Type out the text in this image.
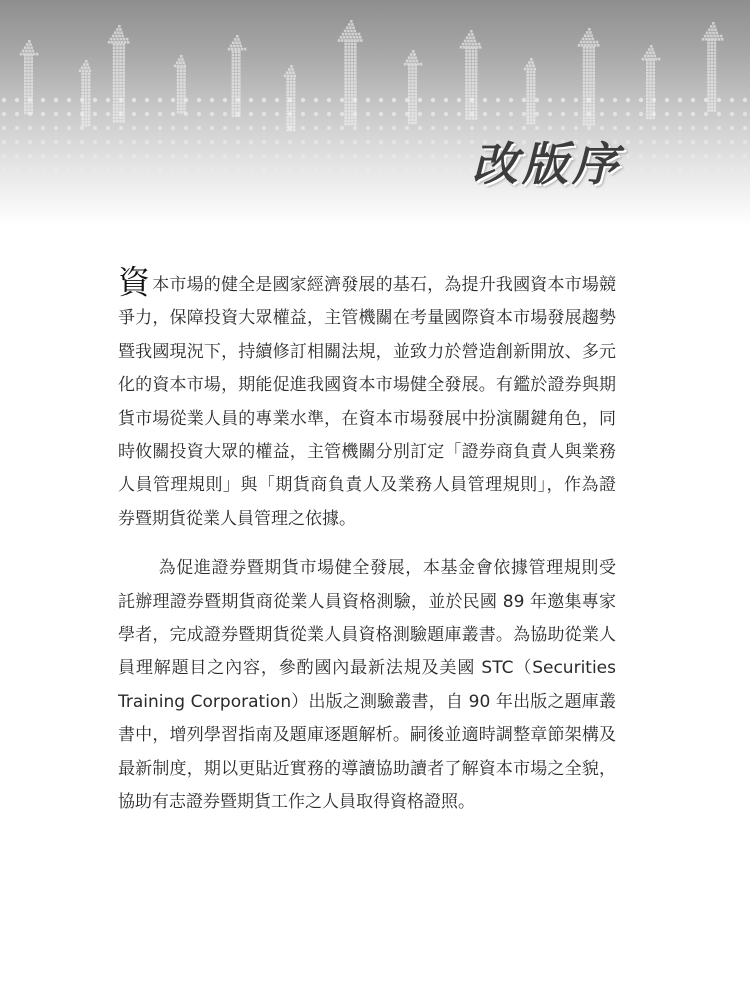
改版序

資本市場的健全是國家經濟發展的基石，為提升我國資本市場競爭力，保障投資大眾權益，主管機關在考量國際資本市場發展趨勢暨我國現況下，持續修訂相關法規，並致力於營造創新開放、多元化的資本市場，期能促進我國資本市場健全發展。有鑑於證券與期貨市場從業人員的專業水準，在資本市場發展中扮演關鍵角色，同時攸關投資大眾的權益，主管機關分別訂定「證券商負責人與業務人員管理規則」與「期貨商負責人及業務人員管理規則」，作為證券暨期貨從業人員管理之依據。

為促進證券暨期貨市場健全發展，本基金會依據管理規則受託辦理證券暨期貨商從業人員資格測驗，並於民國 89 年邀集專家學者，完成證券暨期貨從業人員資格測驗題庫叢書。為協助從業人員理解題目之內容，參酌國內最新法規及美國 STC（Securities Training Corporation）出版之測驗叢書，自 90 年出版之題庫叢書中，增列學習指南及題庫逐題解析。嗣後並適時調整章節架構及最新制度，期以更貼近實務的導讀協助讀者了解資本市場之全貌，協助有志證券暨期貨工作之人員取得資格證照。
